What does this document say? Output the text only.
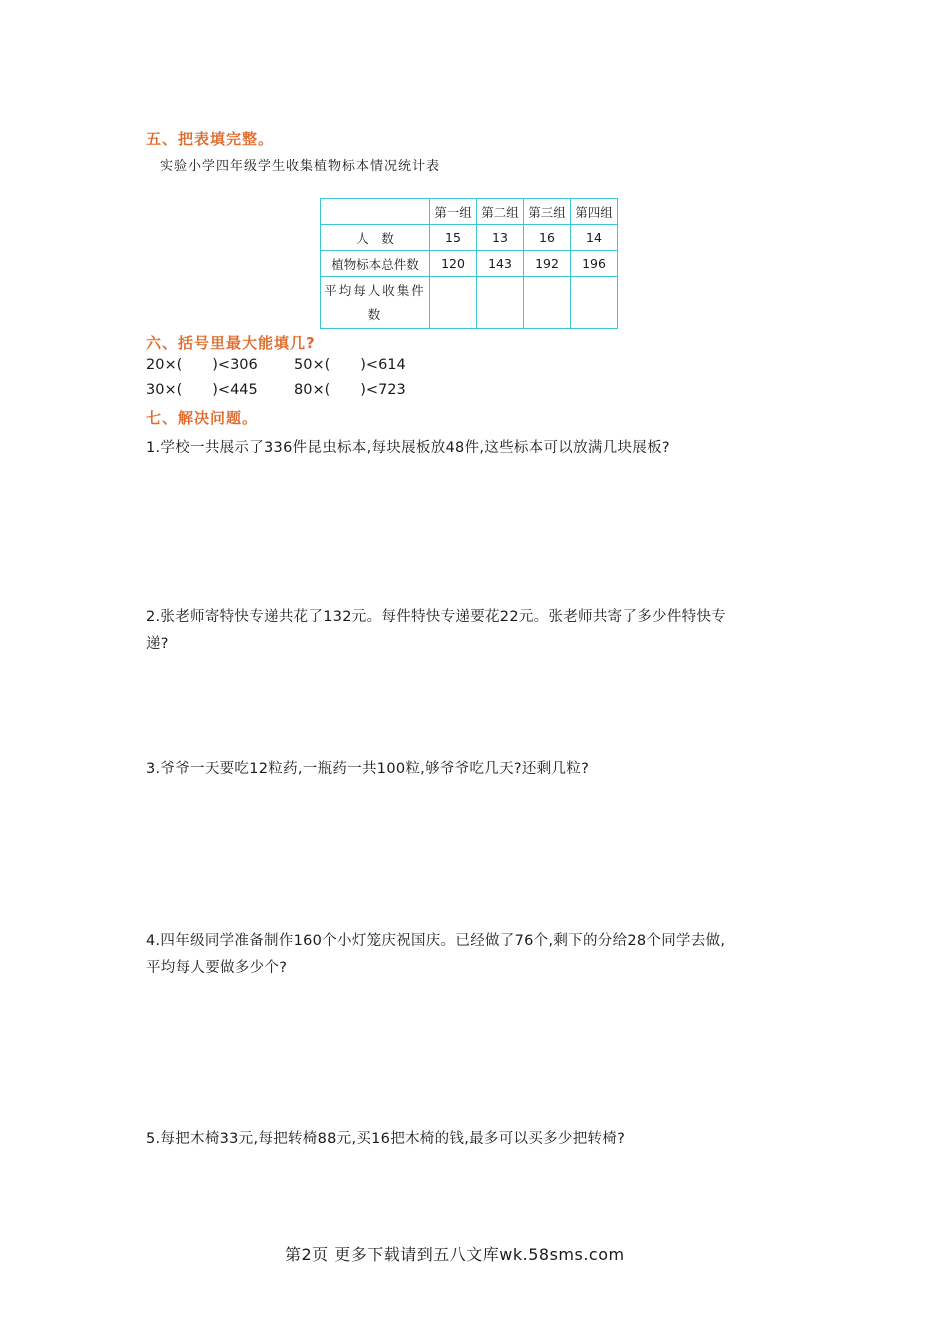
五、把表填完整。
实验小学四年级学生收集植物标本情况统计表
	第一组	第二组	第三组	第四组
人　数	15	13	16	14
植物标本总件数	120	143	192	196
平均每人收集件数				
六、括号里最大能填几?
20×( )<306	50×( )<614
30×( )<445	80×( )<723
七、解决问题。
1.学校一共展示了336件昆虫标本,每块展板放48件,这些标本可以放满几块展板?
2.张老师寄特快专递共花了132元。每件特快专递要花22元。张老师共寄了多少件特快专
递?
3.爷爷一天要吃12粒药,一瓶药一共100粒,够爷爷吃几天?还剩几粒?
4.四年级同学准备制作160个小灯笼庆祝国庆。已经做了76个,剩下的分给28个同学去做,
平均每人要做多少个?
5.每把木椅33元,每把转椅88元,买16把木椅的钱,最多可以买多少把转椅?
第2页 更多下载请到五八文库wk.58sms.com
